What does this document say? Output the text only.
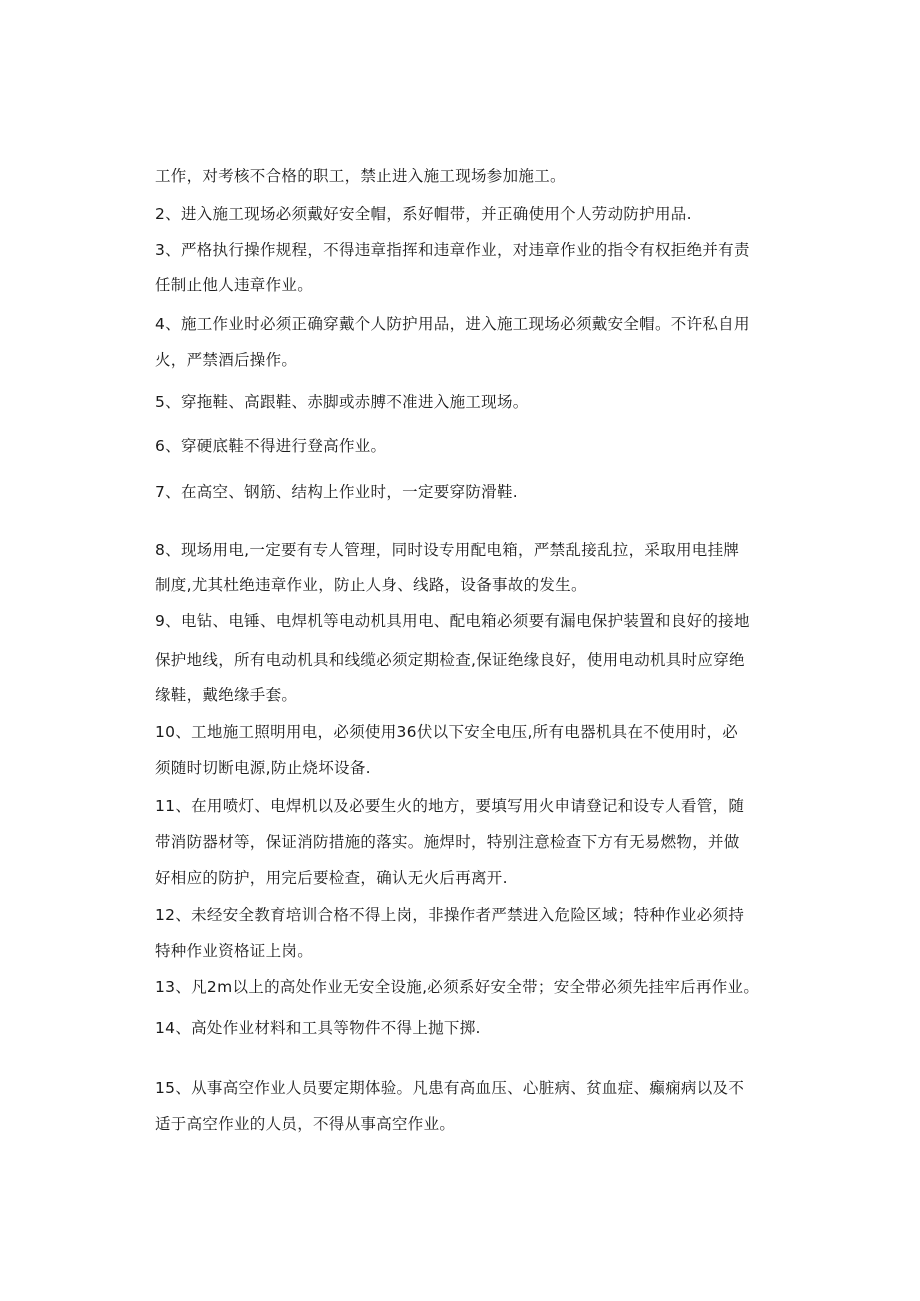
工作，对考核不合格的职工，禁止进入施工现场参加施工。
2、进入施工现场必须戴好安全帽，系好帽带，并正确使用个人劳动防护用品.
3、严格执行操作规程，不得违章指挥和违章作业，对违章作业的指令有权拒绝并有责
任制止他人违章作业。
4、施工作业时必须正确穿戴个人防护用品，进入施工现场必须戴安全帽。不许私自用
火，严禁酒后操作。
5、穿拖鞋、高跟鞋、赤脚或赤膊不准进入施工现场。
6、穿硬底鞋不得进行登高作业。
7、在高空、钢筋、结构上作业时，一定要穿防滑鞋.
8、现场用电,一定要有专人管理，同时设专用配电箱，严禁乱接乱拉，采取用电挂牌
制度,尤其杜绝违章作业，防止人身、线路，设备事故的发生。
9、电钻、电锤、电焊机等电动机具用电、配电箱必须要有漏电保护装置和良好的接地
保护地线，所有电动机具和线缆必须定期检查,保证绝缘良好，使用电动机具时应穿绝
缘鞋，戴绝缘手套。
10、工地施工照明用电，必须使用36伏以下安全电压,所有电器机具在不使用时，必
须随时切断电源,防止烧坏设备.
11、在用喷灯、电焊机以及必要生火的地方，要填写用火申请登记和设专人看管，随
带消防器材等，保证消防措施的落实。施焊时，特别注意检查下方有无易燃物，并做
好相应的防护，用完后要检查，确认无火后再离开.
12、未经安全教育培训合格不得上岗，非操作者严禁进入危险区域；特种作业必须持
特种作业资格证上岗。
13、凡2m以上的高处作业无安全设施,必须系好安全带；安全带必须先挂牢后再作业。
14、高处作业材料和工具等物件不得上抛下掷.
15、从事高空作业人员要定期体验。凡患有高血压、心脏病、贫血症、癫痫病以及不
适于高空作业的人员，不得从事高空作业。
